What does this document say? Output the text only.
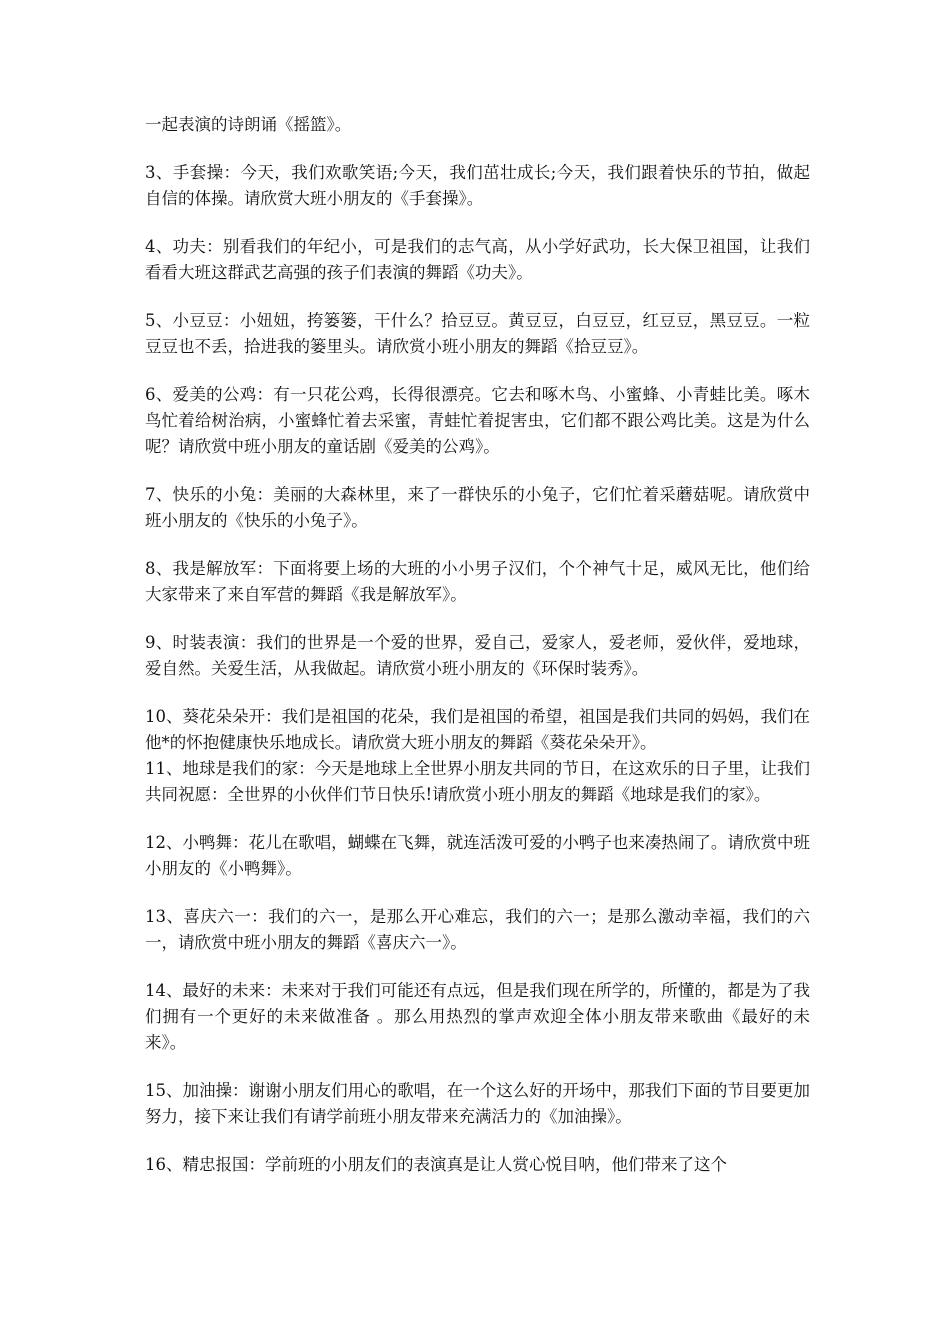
一起表演的诗朗诵《摇篮》。

3、手套操：今天，我们欢歌笑语;今天，我们茁壮成长;今天，我们跟着快乐的节拍，做起自信的体操。请欣赏大班小朋友的《手套操》。

4、功夫：别看我们的年纪小，可是我们的志气高，从小学好武功，长大保卫祖国，让我们看看大班这群武艺高强的孩子们表演的舞蹈《功夫》。

5、小豆豆：小妞妞，挎篓篓，干什么？拾豆豆。黄豆豆，白豆豆，红豆豆，黑豆豆。一粒豆豆也不丢，拾进我的篓里头。请欣赏小班小朋友的舞蹈《拾豆豆》。

6、爱美的公鸡：有一只花公鸡，长得很漂亮。它去和啄木鸟、小蜜蜂、小青蛙比美。啄木鸟忙着给树治病，小蜜蜂忙着去采蜜，青蛙忙着捉害虫，它们都不跟公鸡比美。这是为什么呢？请欣赏中班小朋友的童话剧《爱美的公鸡》。

7、快乐的小兔：美丽的大森林里，来了一群快乐的小兔子，它们忙着采蘑菇呢。请欣赏中班小朋友的《快乐的小兔子》。

8、我是解放军：下面将要上场的大班的小小男子汉们，个个神气十足，威风无比，他们给大家带来了来自军营的舞蹈《我是解放军》。

9、时装表演：我们的世界是一个爱的世界，爱自己，爱家人，爱老师，爱伙伴，爱地球，爱自然。关爱生活，从我做起。请欣赏小班小朋友的《环保时装秀》。

10、葵花朵朵开：我们是祖国的花朵，我们是祖国的希望，祖国是我们共同的妈妈，我们在他*的怀抱健康快乐地成长。请欣赏大班小朋友的舞蹈《葵花朵朵开》。

11、地球是我们的家：今天是地球上全世界小朋友共同的节日，在这欢乐的日子里，让我们共同祝愿：全世界的小伙伴们节日快乐!请欣赏小班小朋友的舞蹈《地球是我们的家》。

12、小鸭舞：花儿在歌唱，蝴蝶在飞舞，就连活泼可爱的小鸭子也来凑热闹了。请欣赏中班小朋友的《小鸭舞》。

13、喜庆六一：我们的六一，是那么开心难忘，我们的六一；是那么激动幸福，我们的六一，请欣赏中班小朋友的舞蹈《喜庆六一》。

14、最好的未来：未来对于我们可能还有点远，但是我们现在所学的，所懂的，都是为了我们拥有一个更好的未来做准备 。那么用热烈的掌声欢迎全体小朋友带来歌曲《最好的未来》。

15、加油操：谢谢小朋友们用心的歌唱，在一个这么好的开场中，那我们下面的节目要更加努力，接下来让我们有请学前班小朋友带来充满活力的《加油操》。

16、精忠报国：学前班的小朋友们的表演真是让人赏心悦目呐，他们带来了这个
